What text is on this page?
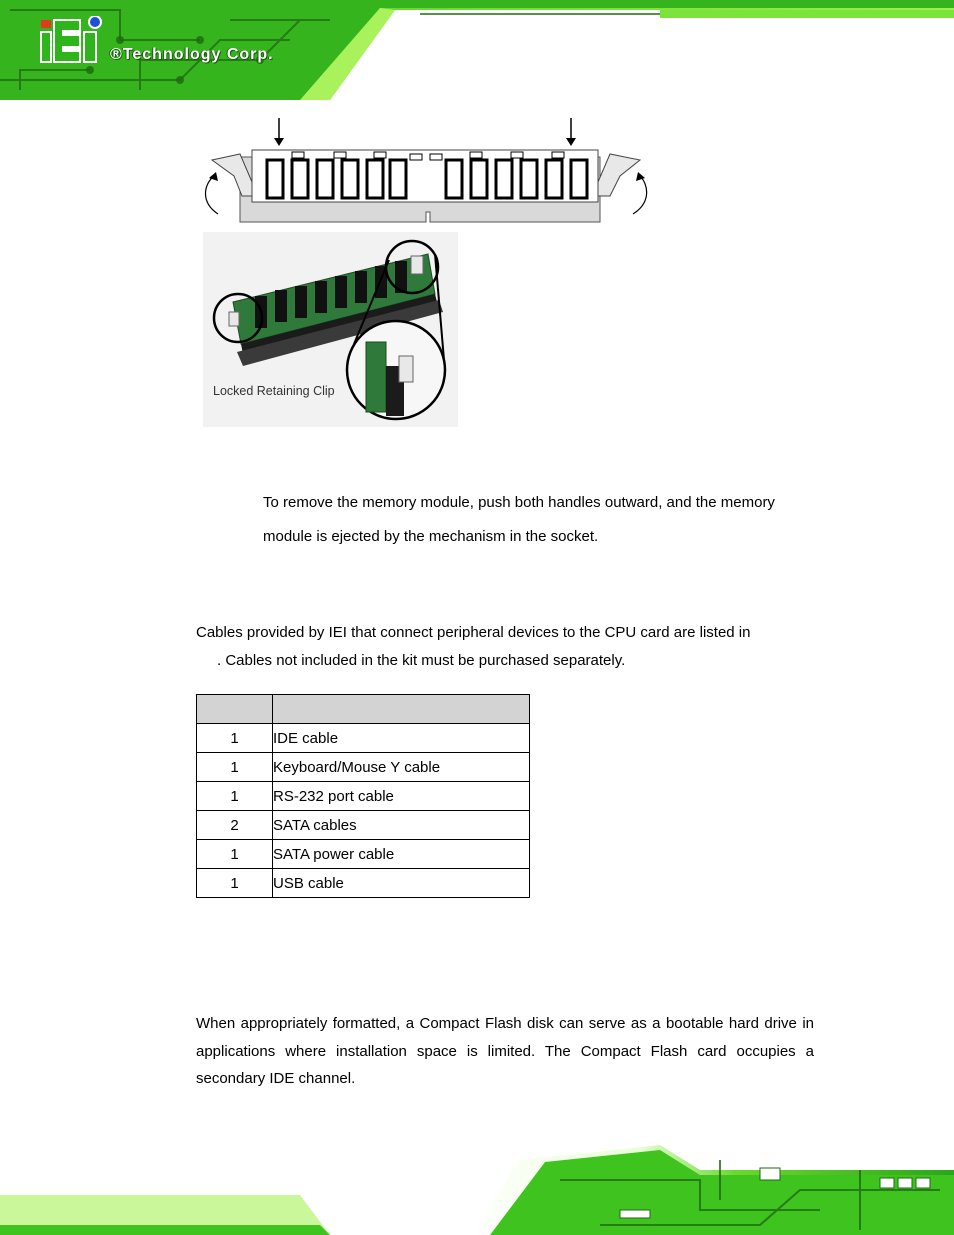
®Technology Corp.
Locked Retaining Clip
To remove the memory module, push both handles outward, and the memory
module is ejected by the mechanism in the socket.
Cables provided by IEI that connect peripheral devices to the CPU card are listed in
. Cables not included in the kit must be purchased separately.

1	IDE cable
1	Keyboard/Mouse Y cable
1	RS-232 port cable
2	SATA cables
1	SATA power cable
1	USB cable
When appropriately formatted, a Compact Flash disk can serve as a bootable hard drive in
applications where installation space is limited. The Compact Flash card occupies a
secondary IDE channel.
